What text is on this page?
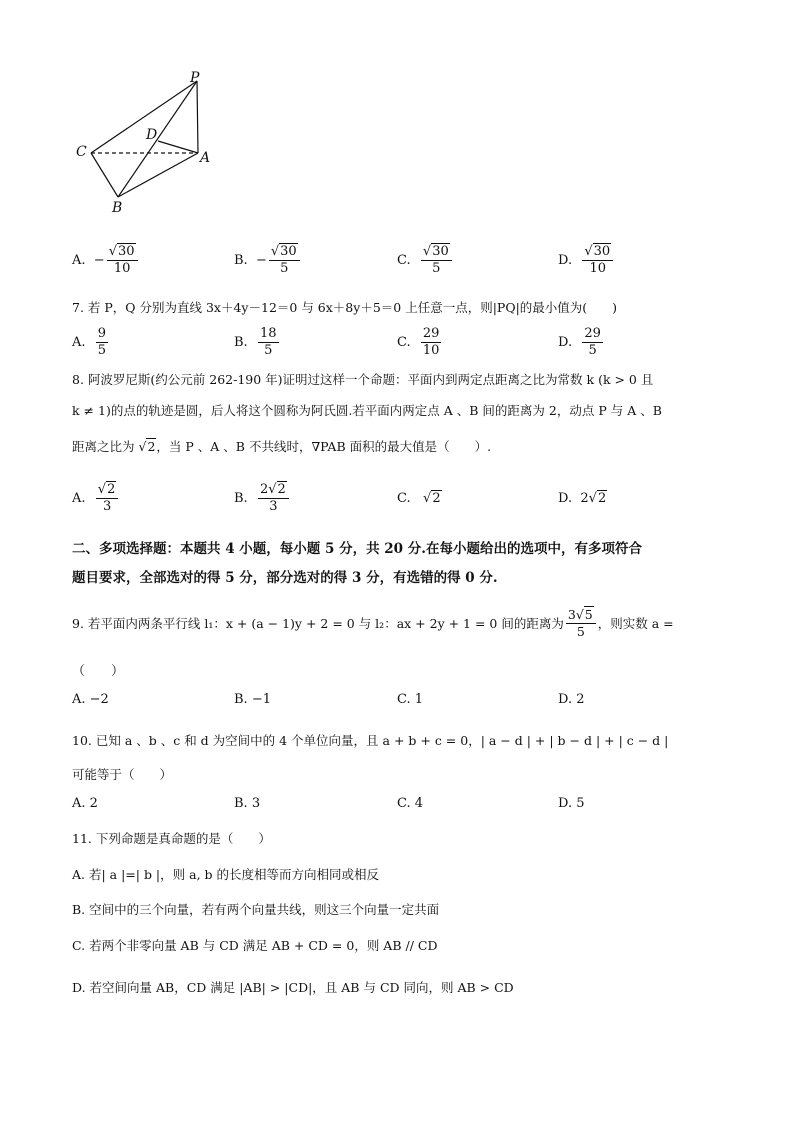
P
D
C	A
B
A.
− $\frac{√30}{10}$	B.
− $\frac{√30}{5}$	C.
$\frac{√30}{5}$	D.
$\frac{√30}{10}$
7. 若 P，Q 分别为直线 3x＋4y－12＝0 与 6x＋8y＋5＝0 上任意一点，则|PQ|的最小值为(　　)
A.
$\frac{9}{5}$	B.
$\frac{18}{5}$	C.
$\frac{29}{10}$	D.
$\frac{29}{5}$
8. 阿波罗尼斯(约公元前 262-190 年)证明过这样一个命题：平面内到两定点距离之比为常数 k (k > 0 且
k ≠ 1)的点的轨迹是圆，后人将这个圆称为阿氏圆.若平面内两定点 A 、B 间的距离为 2，动点 P 与 A 、B
距离之比为 √2，当 P 、A 、B 不共线时，∇PAB 面积的最大值是（　　）.
A.
$\frac{√2}{3}$	B.
$\frac{2√2}{3}$	C. √ 2	D.
2 √ 2
二、多项选择题：本题共 4 小题，每小题 5 分，共 20 分.在每小题给出的选项中，有多项符合
题目要求，全部选对的得 5 分，部分选对的得 3 分，有选错的得 0 分.
9. 若平面内两条平行线 l₁：x + (a − 1)y + 2 = 0 与 l₂：ax + 2y + 1 = 0 间的距离为 $\frac{3√5}{5}$ ，则实数 a =
（　　）
A. −2	B. −1	C. 1	D. 2
10. 已知 a 、b 、c 和 d 为空间中的 4 个单位向量，且 a + b + c = 0，| a − d | + | b − d | + | c − d |
可能等于（　　）
A. 2	B. 3	C. 4	D. 5
11. 下列命题是真命题的是（　　）
A. 若| a |=| b |，则 a, b 的长度相等而方向相同或相反
B. 空间中的三个向量，若有两个向量共线，则这三个向量一定共面
C. 若两个非零向量 AB 与 CD 满足 AB + CD = 0，则 AB // CD
D. 若空间向量 AB，CD 满足 |AB| > |CD|，且 AB 与 CD 同向，则 AB > CD
